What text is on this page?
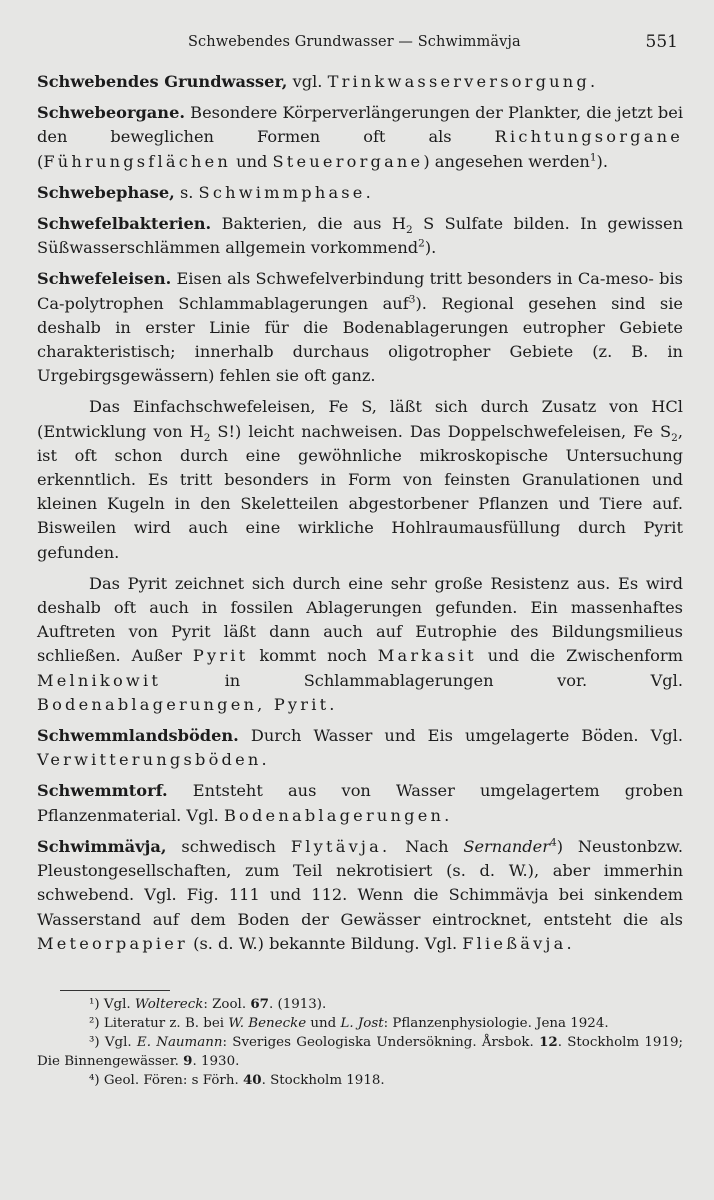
Schwebendes Grundwasser — Schwimmävja	551

Schwebendes Grundwasser, vgl. Trinkwasserversorgung.

Schwebeorgane. Besondere Körperverlängerungen der Plankter, die jetzt bei den beweglichen Formen oft als Richtungsorgane (Führungsflächen und Steuerorgane) angesehen werden$^1$).

Schwebephase, s. Schwimmphase.

Schwefelbakterien. Bakterien, die aus $H_2$ S Sulfate bilden. In gewissen Süßwasserschlämmen allgemein vorkommend$^2$).

Schwefeleisen. Eisen als Schwefelverbindung tritt besonders in Ca-meso- bis Ca-polytrophen Schlammablagerungen auf$^3$). Regional gesehen sind sie deshalb in erster Linie für die Bodenablagerungen eutropher Gebiete charakteristisch; innerhalb durchaus oligotropher Gebiete (z. B. in Urgebirgsgewässern) fehlen sie oft ganz.

Das Einfachschwefeleisen, Fe S, läßt sich durch Zusatz von HCl (Entwicklung von $H_2$ S!) leicht nachweisen. Das Doppelschwefeleisen, Fe $S_2$, ist oft schon durch eine gewöhnliche mikroskopische Untersuchung erkenntlich. Es tritt besonders in Form von feinsten Granulationen und kleinen Kugeln in den Skeletteilen abgestorbener Pflanzen und Tiere auf. Bisweilen wird auch eine wirkliche Hohlraumausfüllung durch Pyrit gefunden.

Das Pyrit zeichnet sich durch eine sehr große Resistenz aus. Es wird deshalb oft auch in fossilen Ablagerungen gefunden. Ein massenhaftes Auftreten von Pyrit läßt dann auch auf Eutrophie des Bildungsmilieus schließen. Außer Pyrit kommt noch Markasit und die Zwischenform Melnikowit in Schlammablagerungen vor. Vgl. Bodenablagerungen, Pyrit.

Schwemmlandsböden. Durch Wasser und Eis umgelagerte Böden. Vgl. Verwitterungsböden.

Schwemmtorf. Entsteht aus von Wasser umgelagertem groben Pflanzenmaterial. Vgl. Bodenablagerungen.

Schwimmävja, schwedisch Flytävja. Nach Sernander$^4$) Neustonbzw. Pleustongesellschaften, zum Teil nekrotisiert (s. d. W.), aber immerhin schwebend. Vgl. Fig. 111 und 112. Wenn die Schimmävja bei sinkendem Wasserstand auf dem Boden der Gewässer eintrocknet, entsteht die als Meteorpapier (s. d. W.) bekannte Bildung. Vgl. Fließävja.

¹) Vgl. Woltereck: Zool. 67. (1913).

²) Literatur z. B. bei W. Benecke und L. Jost: Pflanzenphysiologie. Jena 1924.

³) Vgl. E. Naumann: Sveriges Geologiska Undersökning. Årsbok. 12. Stockholm 1919; Die Binnengewässer. 9. 1930.

⁴) Geol. Fören: s Förh. 40. Stockholm 1918.
